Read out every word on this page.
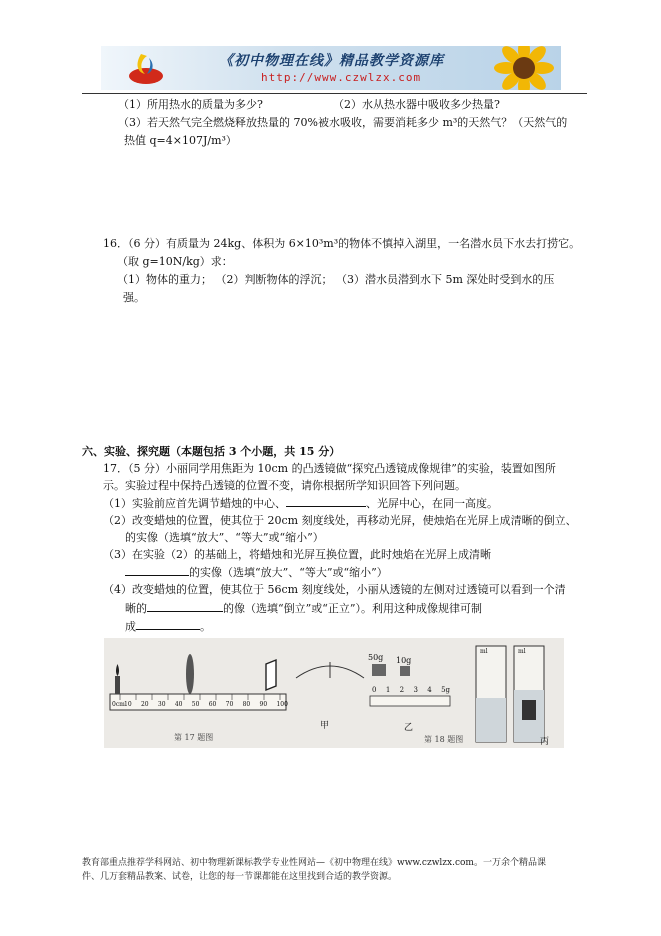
《初中物理在线》精品教学资源库
http://www.czwlzx.com
（1）所用热水的质量为多少?	（2）水从热水器中吸收多少热量?
（3）若天然气完全燃烧释放热量的 70%被水吸收，需要消耗多少 m³的天然气？（天然气的
热值 q=4×107J/m³）
16．（6 分）有质量为 24kg、体积为 6×10³m³的物体不慎掉入湖里，一名潜水员下水去打捞它。
（取 g=10N/kg）求：
（1）物体的重力； （2）判断物体的浮沉； （3）潜水员潜到水下 5m 深处时受到水的压
强。
六、实验、探究题（本题包括 3 个小题，共 15 分）
17．（5 分）小丽同学用焦距为 10cm 的凸透镜做“探究凸透镜成像规律”的实验，装置如图所
示。实验过程中保持凸透镜的位置不变，请你根据所学知识回答下列问题。
（1）实验前应首先调节蜡烛的中心、	、光屏中心，在同一高度。
（2）改变蜡烛的位置，使其位于 20cm 刻度线处，再移动光屏，使烛焰在光屏上成清晰的倒立、
的实像（选填“放大”、“等大”或“缩小”）
（3）在实验（2）的基础上，将蜡烛和光屏互换位置，此时烛焰在光屏上成清晰
的实像（选填“放大”、“等大”或“缩小”）
（4）改变蜡烛的位置，使其位于 56cm 刻度线处，小丽从透镜的左侧对过透镜可以看到一个清
晰的	的像（选填“倒立”或“正立”）。利用这种成像规律可制
成	。
0cm 10 20 30 40 50 60 70 80 90 100
第 17 题图
甲
50g 10g
0 1 2 3 4 5g
乙
第 18 题图
ml	ml
丙
教育部重点推荐学科网站、初中物理新课标教学专业性网站—《初中物理在线》www.czwlzx.com。一万余个精品课
件、几万套精品教案、试卷，让您的每一节课都能在这里找到合适的教学资源。
